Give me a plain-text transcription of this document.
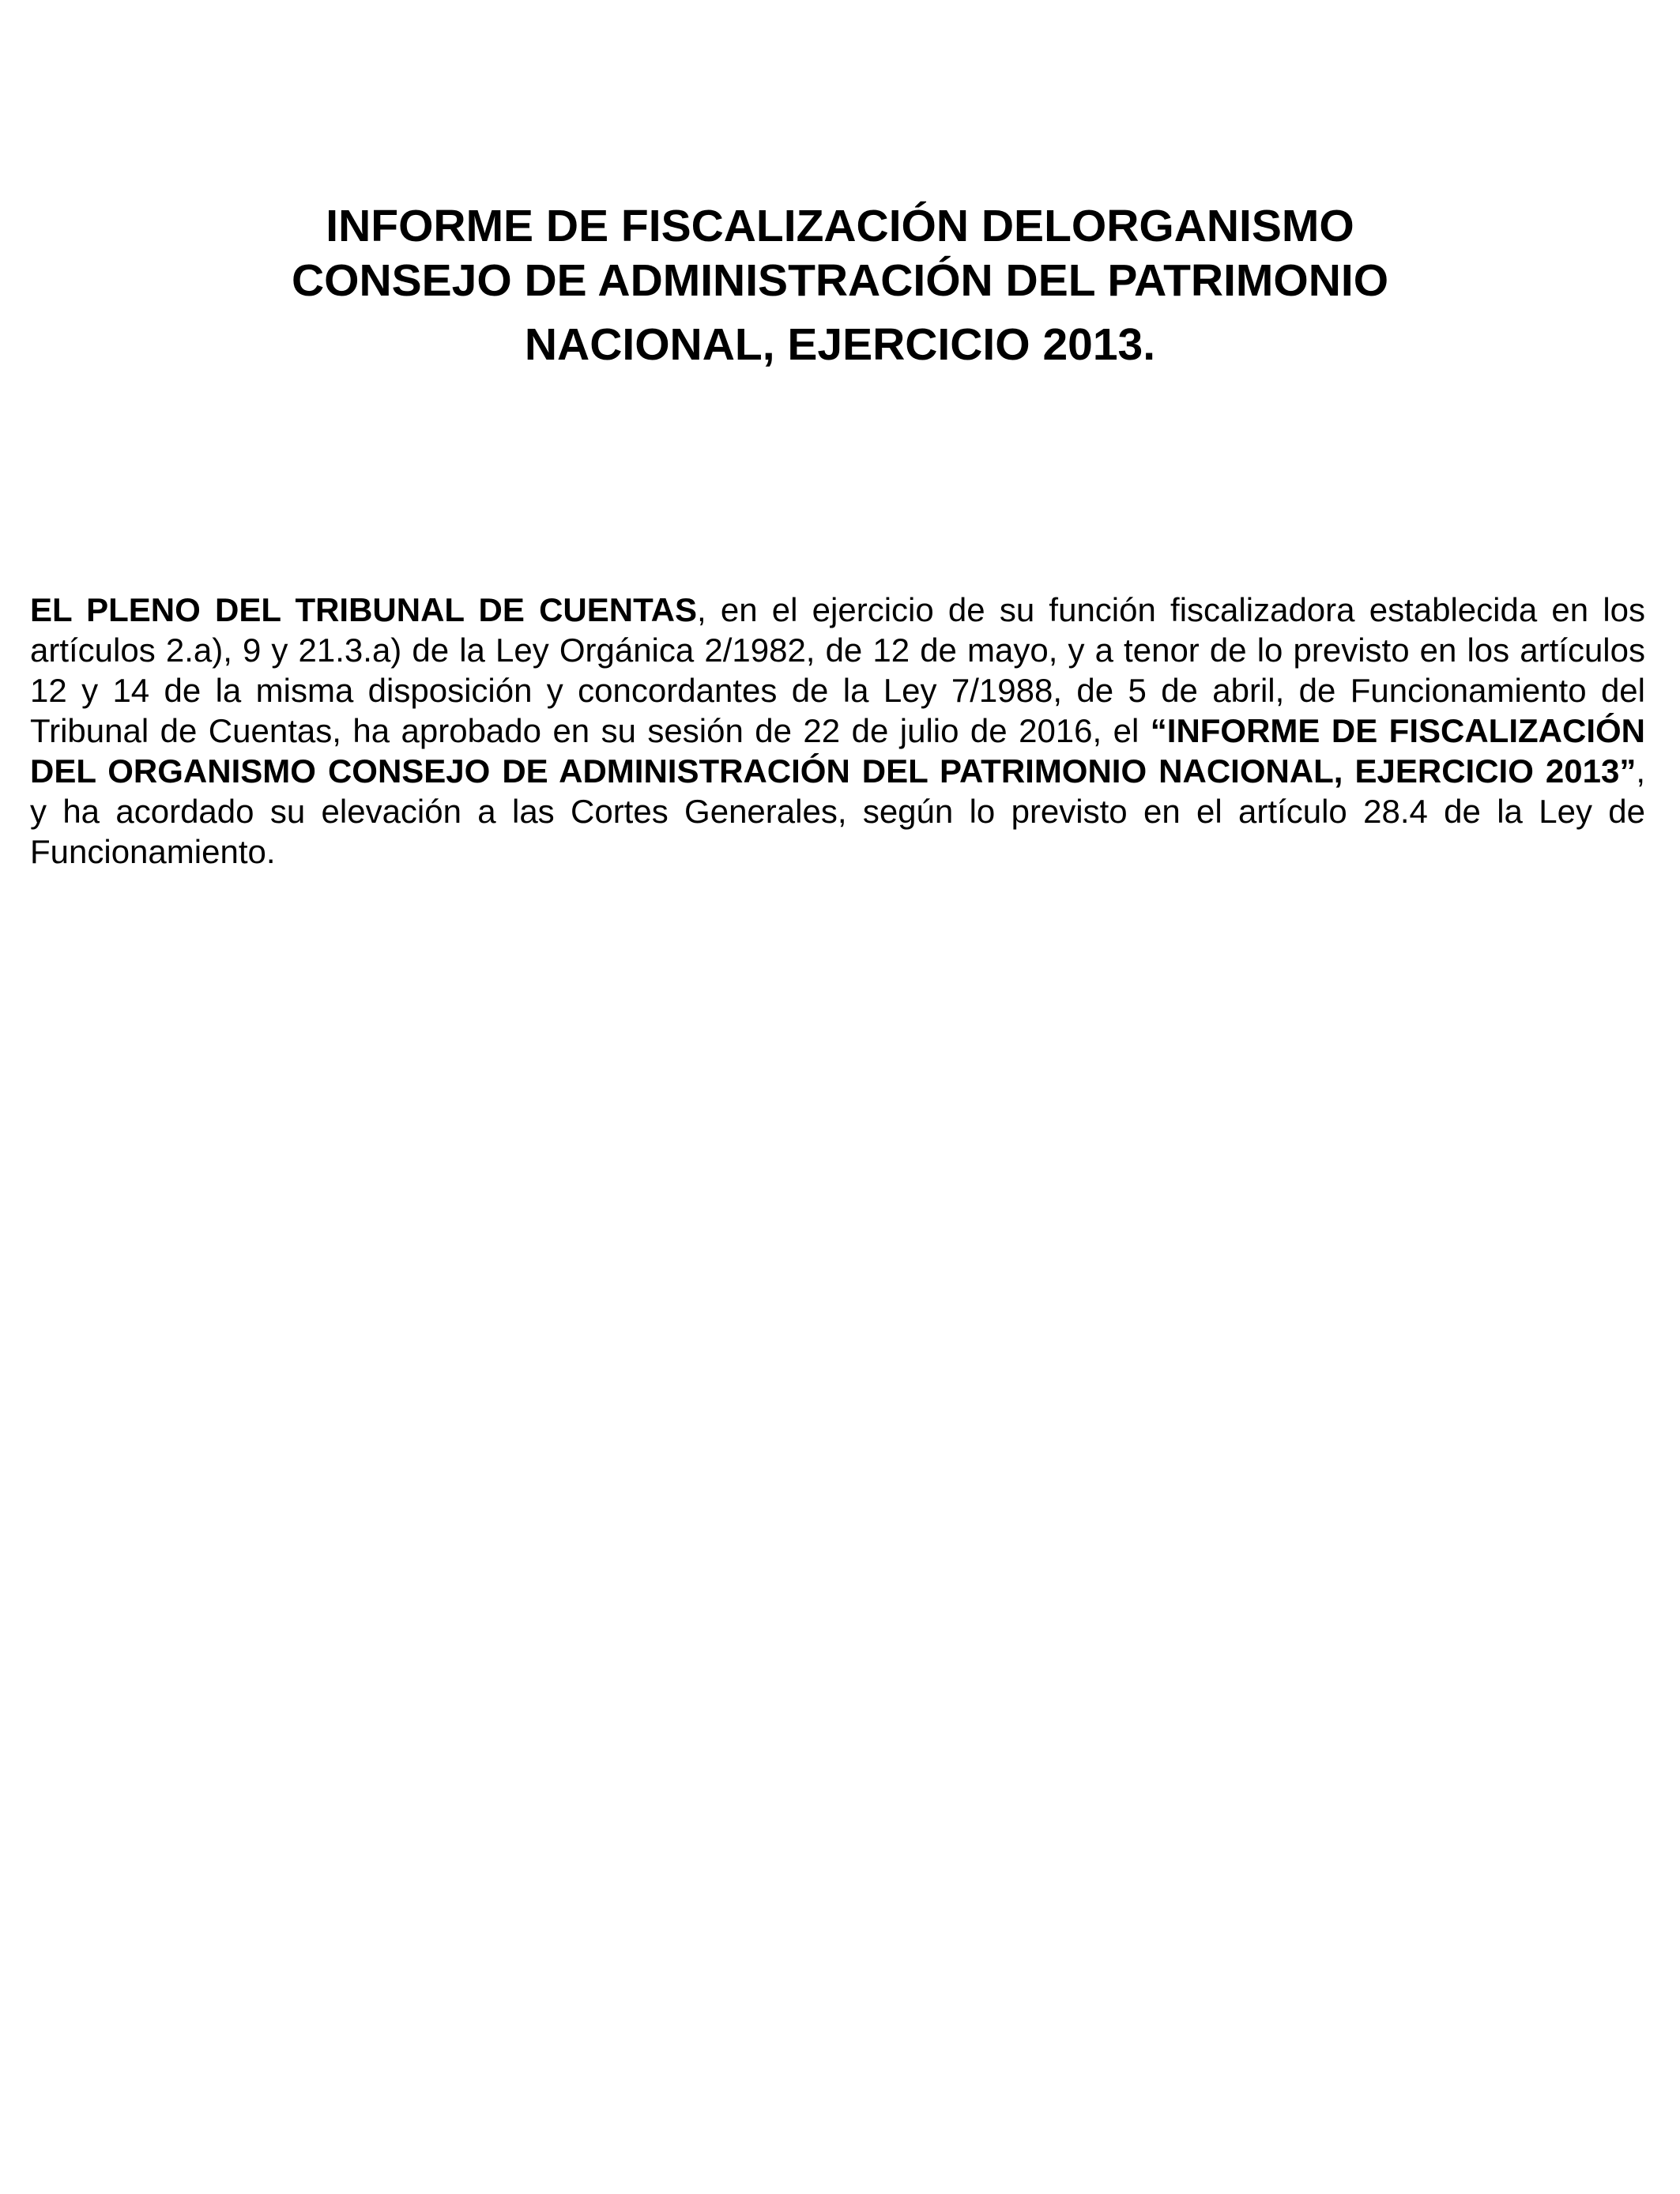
INFORME DE FISCALIZACIÓN DELORGANISMO
CONSEJO DE ADMINISTRACIÓN DEL PATRIMONIO
NACIONAL, EJERCICIO 2013.

EL PLENO DEL TRIBUNAL DE CUENTAS, en el ejercicio de su función fiscalizadora establecida en los artículos 2.a), 9 y 21.3.a) de la Ley Orgánica 2/1982, de 12 de mayo, y a tenor de lo previsto en los artículos 12 y 14 de la misma disposición y concordantes de la Ley 7/1988, de 5 de abril, de Funcionamiento del Tribunal de Cuentas, ha aprobado en su sesión de 22 de julio de 2016, el “INFORME DE FISCALIZACIÓN DEL ORGANISMO CONSEJO DE ADMINISTRACIÓN DEL PATRIMONIO NACIONAL, EJERCICIO 2013”, y ha acordado su elevación a las Cortes Generales, según lo previsto en el artículo 28.4 de la Ley de Funcionamiento.
